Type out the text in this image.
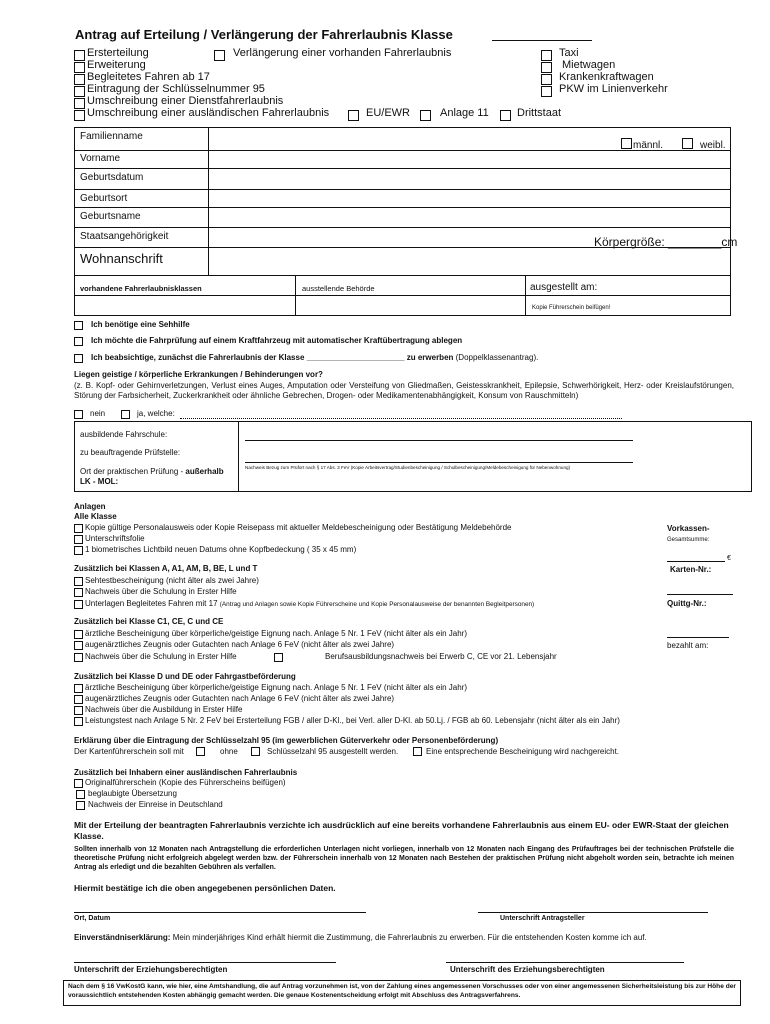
Antrag auf Erteilung / Verlängerung der Fahrerlaubnis Klasse
Ersterteilung
Erweiterung
Begleitetes Fahren ab 17
Eintragung der Schlüsselnummer 95
Umschreibung einer Dienstfahrerlaubnis
Umschreibung einer ausländischen Fahrerlaubnis	EU/EWR	Anlage 11	Drittstaat
Verlängerung einer vorhanden Fahrerlaubnis	Taxi
Mietwagen
Krankenkraftwagen
PKW im Linienverkehr
Familienname
Vorname
Geburtsdatum
Geburtsort
Geburtsname
Staatsangehörigkeit
Wohnanschrift
männl.	weibl.
Körpergröße: ________cm
vorhandene Fahrerlaubnisklassen	ausstellende Behörde	ausgestellt am:
Kopie Führerschein beifügen!
Ich benötige eine Sehhilfe
Ich möchte die Fahrprüfung auf einem Kraftfahrzeug mit automatischer Kraftübertragung ablegen
Ich beabsichtige, zunächst die Fahrerlaubnis der Klasse ______________________ zu erwerben (Doppelklassenantrag).
Liegen geistige / körperliche Erkrankungen / Behinderungen vor?
(z. B. Kopf- oder Gehirnverletzungen, Verlust eines Auges, Amputation oder Versteifung von Gliedmaßen, Geistesskrankheit, Epilepsie, Schwerhörigkeit, Herz- oder Kreislaufstörungen, Störung der Farbsicherheit, Zuckerkrankheit oder ähnliche Gebrechen, Drogen- oder Medikamentenabhängigkeit, Konsum von Rauschmitteln)
nein	ja, welche:
ausbildende Fahrschule:
zu beauftragende Prüfstelle:
Ort der praktischen Prüfung - außerhalb
LK - MOL:
Nachweis Bezug zum Prüfort nach § 17 Abs. 3 FeV (Kopie Arbeitsvertrag/Studienbescheinigung / Schulbescheinigung/Meldebescheinigung für Nebenwohnung)
Anlagen
Alle Klasse
Kopie gültige Personalausweis oder Kopie Reisepass mit aktueller Meldebescheinigung oder Bestätigung Meldebehörde
Unterschriftsfolie
1 biometrisches Lichtbild neuen Datums ohne Kopfbedeckung ( 35 x 45 mm)
Zusätzlich bei Klassen A, A1, AM, B, BE, L und T
Sehtestbescheinigung (nicht älter als zwei Jahre)
Nachweis über die Schulung in Erster Hilfe
Unterlagen Begleitetes Fahren mit 17 (Antrag und Anlagen sowie Kopie Führerscheine und Kopie Personalausweise der benannten Begleitpersonen)
Zusätzlich bei Klasse C1, CE, C und CE
ärztliche Bescheinigung über körperliche/geistige Eignung nach. Anlage 5 Nr. 1 FeV (nicht älter als ein Jahr)
augenärztliches Zeugnis oder Gutachten nach Anlage 6 FeV (nicht älter als zwei Jahre)
Nachweis über die Schulung in Erster Hilfe	Berufsausbildungsnachweis bei Erwerb C, CE vor 21. Lebensjahr
Zusätzlich bei Klasse D und DE oder Fahrgastbeförderung
ärztliche Bescheinigung über körperliche/geistige Eignung nach. Anlage 5 Nr. 1 FeV (nicht älter als ein Jahr)
augenärztliches Zeugnis oder Gutachten nach Anlage 6 FeV (nicht älter als zwei Jahre)
Nachweis über die Ausbildung in Erster Hilfe
Leistungstest nach Anlage 5 Nr. 2 FeV bei Ersterteilung FGB / aller D-Kl., bei Verl. aller D-Kl. ab 50.Lj. / FGB ab 60. Lebensjahr (nicht älter als ein Jahr)
Vorkassen-
Gesamtsumme:
€
Karten-Nr.:
Quittg-Nr.:
bezahlt am:
Erklärung über die Eintragung der Schlüsselzahl 95 (im gewerblichen Güterverkehr oder Personenbeförderung)
Der Kartenführerschein soll mit	ohne	Schlüsselzahl 95 ausgestellt werden.	Eine entsprechende Bescheinigung wird nachgereicht.
Zusätzlich bei Inhabern einer ausländischen Fahrerlaubnis
Originalführerschein (Kopie des Führerscheins beifügen)
beglaubigte Übersetzung
Nachweis der Einreise in Deutschland
Mit der Erteilung der beantragten Fahrerlaubnis verzichte ich ausdrücklich auf eine bereits vorhandene Fahrerlaubnis aus einem EU- oder EWR-Staat der gleichen Klasse.
Sollten innerhalb von 12 Monaten nach Antragstellung die erforderlichen Unterlagen nicht vorliegen, innerhalb von 12 Monaten nach Eingang des Prüfauftrages bei der technischen Prüfstelle die theoretische Prüfung nicht erfolgreich abgelegt werden bzw. der Führerschein innerhalb von 12 Monaten nach Bestehen der praktischen Prüfung nicht abgeholt worden sein, betrachte ich meinen Antrag als erledigt und die bezahlten Gebühren als verfallen.
Hiermit bestätige ich die oben angegebenen persönlichen Daten.
Ort, Datum	Unterschrift Antragsteller
Einverständniserklärung: Mein minderjähriges Kind erhält hiermit die Zustimmung, die Fahrerlaubnis zu erwerben. Für die entstehenden Kosten komme ich auf.
Unterschrift der Erziehungsberechtigten	Unterschrift des Erziehungsberechtigten
Nach dem § 16 VwKostG kann, wie hier, eine Amtshandlung, die auf Antrag vorzunehmen ist, von der Zahlung eines angemessenen Vorschusses oder von einer angemessenen Sicherheitsleistung bis zur Höhe der voraussichtlich entstehenden Kosten abhängig gemacht werden. Die genaue Kostenentscheidung erfolgt mit Abschluss des Antragsverfahrens.
